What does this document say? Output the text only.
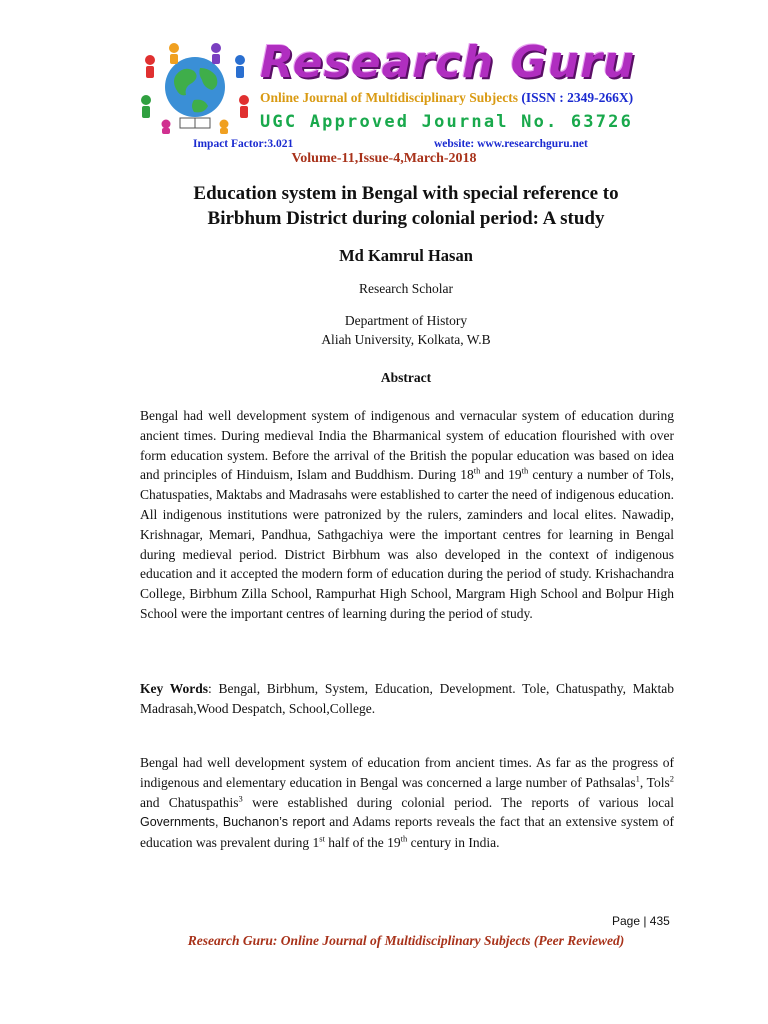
Research Guru
Online Journal of Multidisciplinary Subjects (ISSN : 2349-266X)
UGC Approved Journal No. 63726
Impact Factor:3.021	website: www.researchguru.net
Volume-11,Issue-4,March-2018
Education system in Bengal with special reference to
Birbhum District during colonial period: A study
Md Kamrul Hasan
Research Scholar
Department of History
Aliah University, Kolkata, W.B
Abstract

Bengal had well development system of indigenous and vernacular system of education during ancient times. During medieval India the Bharmanical system of education flourished with over form education system. Before the arrival of the British the popular education was based on idea and principles of Hinduism, Islam and Buddhism. During 18th and 19th century a number of Tols, Chatuspaties, Maktabs and Madrasahs were established to carter the need of indigenous education. All indigenous institutions were patronized by the rulers, zaminders and local elites. Nawadip, Krishnagar, Memari, Pandhua, Sathgachiya were the important centres for learning in Bengal during medieval period. District Birbhum was also developed in the context of indigenous education and it accepted the modern form of education during the period of study. Krishachandra College, Birbhum Zilla School, Rampurhat High School, Margram High School and Bolpur High School were the important centres of learning during the period of study.

Key Words: Bengal, Birbhum, System, Education, Development. Tole, Chatuspathy, Maktab Madrasah,Wood Despatch, School,College.

Bengal had well development system of education from ancient times. As far as the progress of indigenous and elementary education in Bengal was concerned a large number of Pathsalas$^1$, Tols$^2$ and Chatuspathis$^3$ were established during colonial period. The reports of various local Governments, Buchanon’s report and Adams reports reveals the fact that an extensive system of education was prevalent during 1st half of the 19th century in India.

Page | 435
Research Guru: Online Journal of Multidisciplinary Subjects (Peer Reviewed)
